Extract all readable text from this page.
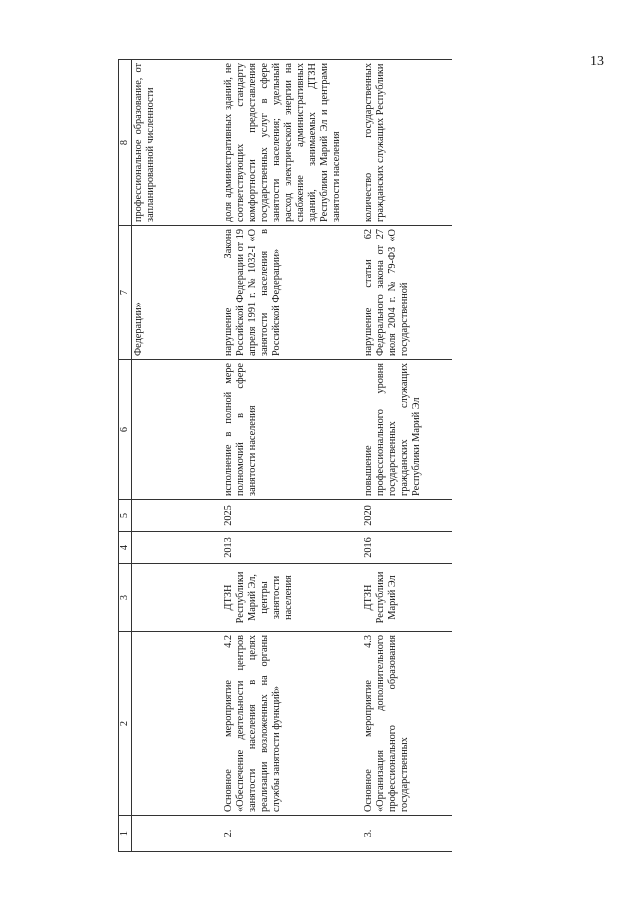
13
1	2	3	4	5	6	7	8
						Федерации»	профессиональное образование, от запланированной численности
2.	Основное мероприятие 4.2 «Обеспечение деятельности центров занятости населения в целях реализации возложенных на органы службы занятости функций»	ДТЗН Республики Марий Эл, центры занятости населения	2013	2025	исполнение в полной мере полномочий в сфере занятости населения	нарушение Закона Российской Федерации от 19 апреля 1991 г. № 1032-I «О занятости населения в Российской Федерации»	доля административных зданий, не соответствующих стандарту комфортности предоставления государственных услуг в сфере занятости населения; удельный расход электрической энергии на снабжение административных зданий, занимаемых ДТЗН Республики Марий Эл и центрами занятости населения
3.	Основное мероприятие 4.3 «Организация дополнительного профессионального образования государственных	ДТЗН Республики Марий Эл	2016	2020	повышение профессионального уровня государственных гражданских служащих Республики Марий Эл	нарушение статьи 62 Федерального закона от 27 июля 2004 г. № 79-ФЗ «О государственной	количество государственных гражданских служащих Республики
